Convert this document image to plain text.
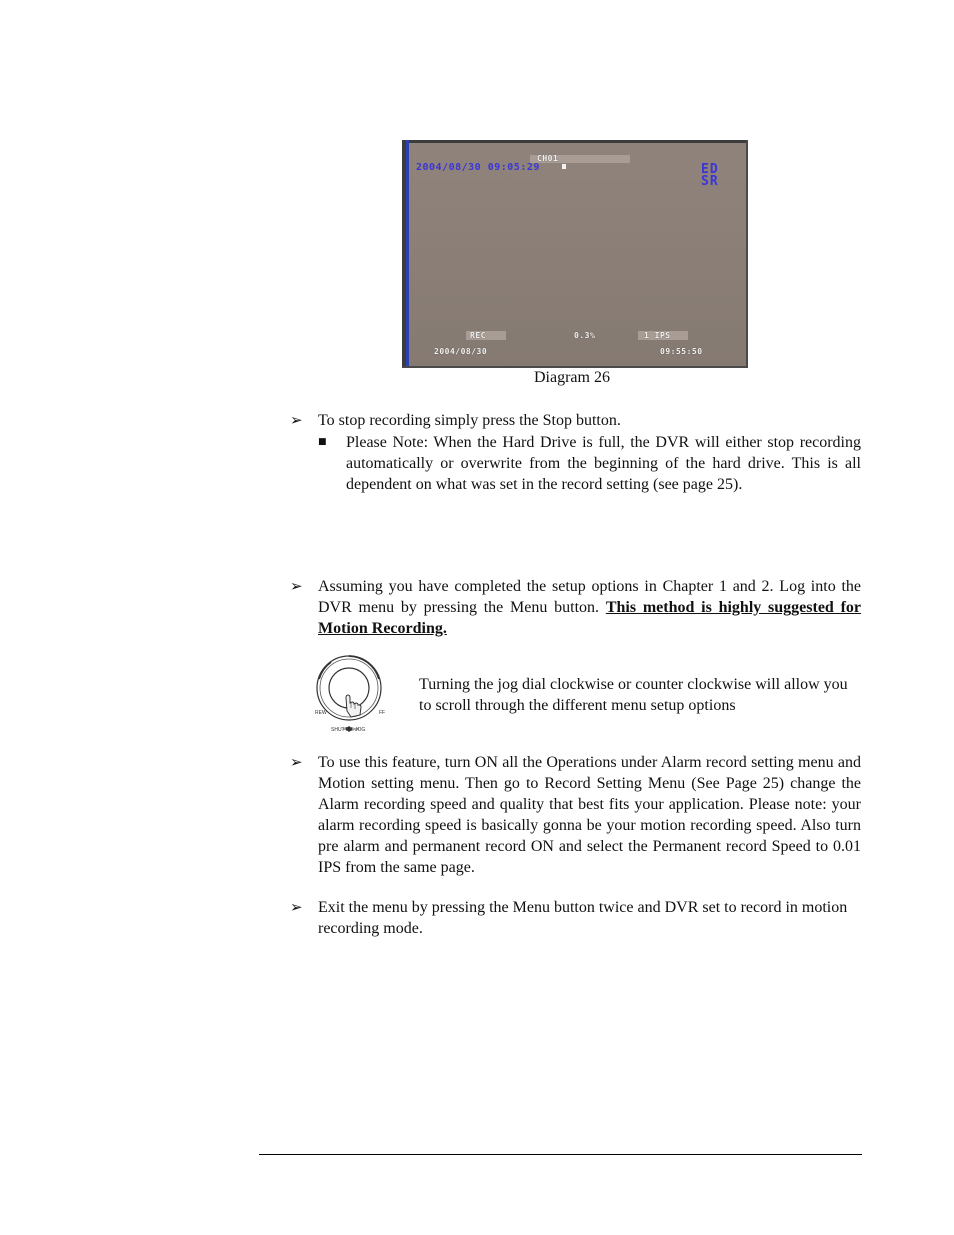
CH01
2004/08/30 09:05:29	ED
SR
REC	0.3%	1 IPS
2004/08/30	09:55:50
Diagram 26
➢ To stop recording simply press the Stop button.
■ Please Note: When the Hard Drive is full, the DVR will either stop recording automatically or overwrite from the beginning of the hard drive. This is all dependent on what was set in the record setting (see page 25).
➢ Assuming you have completed the setup options in Chapter 1 and 2. Log into the DVR menu by pressing the Menu button. This method is highly suggested for Motion Recording.
REW	FF
SHUTTLE JOG
Turning the jog dial clockwise or counter clockwise will allow you to scroll through the different menu setup options
➢ To use this feature, turn ON all the Operations under Alarm record setting menu and Motion setting menu. Then go to Record Setting Menu (See Page 25) change the Alarm recording speed and quality that best fits your application. Please note: your alarm recording speed is basically gonna be your motion recording speed. Also turn pre alarm and permanent record ON and select the Permanent record Speed to 0.01 IPS from the same page.
➢ Exit the menu by pressing the Menu button twice and DVR set to record in motion recording mode.
